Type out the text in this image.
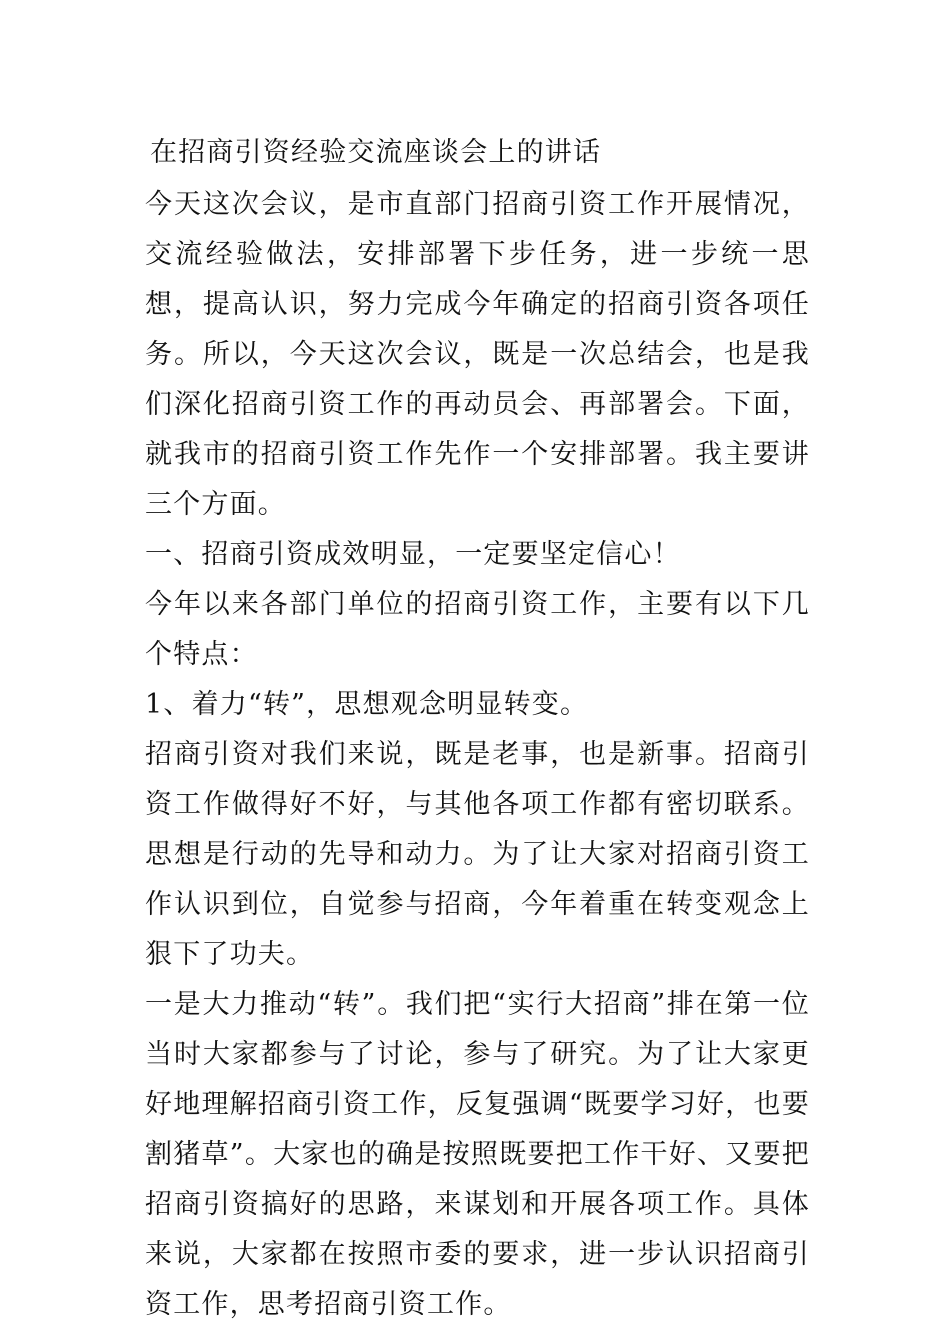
在招商引资经验交流座谈会上的讲话

今天这次会议，是市直部门招商引资工作开展情况，交流经验做法，安排部署下步任务，进一步统一思想，提高认识，努力完成今年确定的招商引资各项任务。所以，今天这次会议，既是一次总结会，也是我们深化招商引资工作的再动员会、再部署会。下面，就我市的招商引资工作先作一个安排部署。我主要讲三个方面。

一、招商引资成效明显，一定要坚定信心！

今年以来各部门单位的招商引资工作，主要有以下几个特点：

1、着力“转”，思想观念明显转变。

招商引资对我们来说，既是老事，也是新事。招商引资工作做得好不好，与其他各项工作都有密切联系。思想是行动的先导和动力。为了让大家对招商引资工作认识到位，自觉参与招商，今年着重在转变观念上狠下了功夫。

一是大力推动“转”。我们把“实行大招商”排在第一位当时大家都参与了讨论，参与了研究。为了让大家更好地理解招商引资工作，反复强调“既要学习好，也要割猪草”。大家也的确是按照既要把工作干好、又要把招商引资搞好的思路，来谋划和开展各项工作。具体来说，大家都在按照市委的要求，进一步认识招商引资工作，思考招商引资工作。
